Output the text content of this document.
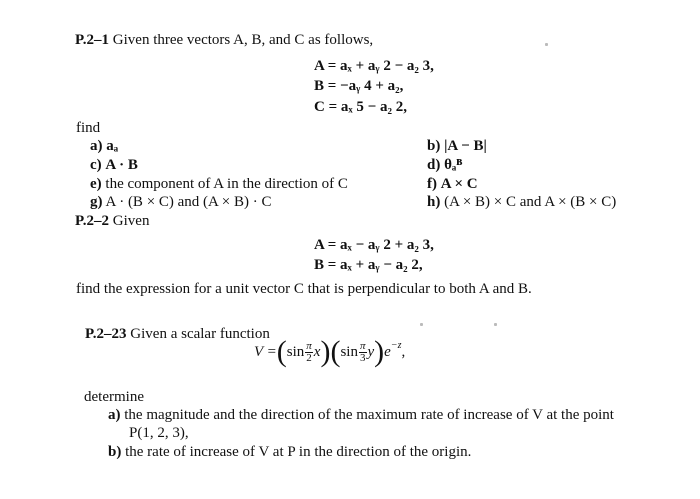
P.2–1 Given three vectors A, B, and C as follows,
A = aₓ + aᵧ 2 − a₂ 3,
B = −aᵧ 4 + a₂,
C = aₓ 5 − a₂ 2,
find
a) aₐ	b) |A − B|
c) A · B	d) θₐᴮ
e) the component of A in the direction of C	f) A × C
g) A · (B × C) and (A × B) · C	h) (A × B) × C and A × (B × C)
P.2–2 Given
A = aₓ − aᵧ 2 + a₂ 3,
B = aₓ + aᵧ − a₂ 2,
find the expression for a unit vector C that is perpendicular to both A and B.
P.2–23 Given a scalar function
V = ( $\sin \frac{\pi}{2}$ x ) ( $\sin \frac{\pi}{3}$ y ) e −z ,
determine
a) the magnitude and the direction of the maximum rate of increase of V at the point
P(1, 2, 3),
b) the rate of increase of V at P in the direction of the origin.
